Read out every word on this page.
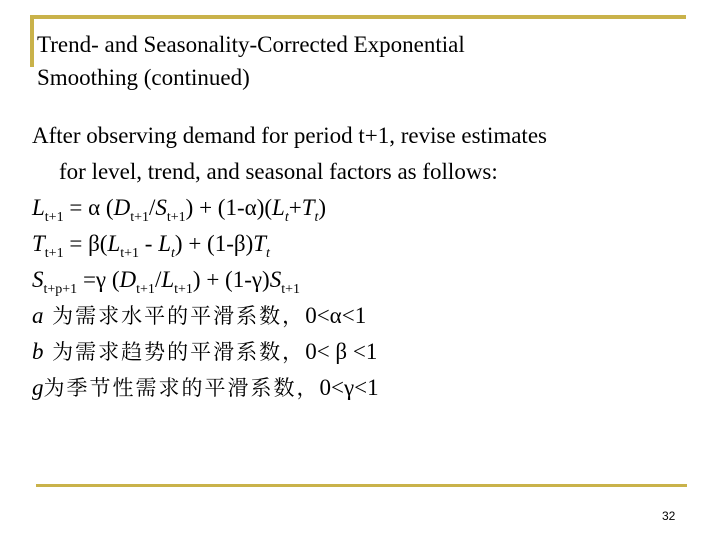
Trend- and Seasonality-Corrected Exponential
Smoothing (continued)
After observing demand for period t+1, revise estimates
for level, trend, and seasonal factors as follows:
$L_{t+1} = \alpha$ $(D_{t+1}/S_{t+1}) + (1-\alpha)(L_t+T_t)$
$T_{t+1} = \beta(L_{t+1} - L_t) + (1-\beta)T_t$
$S_{t+p+1} =\gamma$ $(D_{t+1}/L_{t+1}) + (1-\gamma)S_{t+1}$
a 为需求水平的平滑系数，0<α<1
b 为需求趋势的平滑系数，0< β <1
g为季节性需求的平滑系数，0<γ<1
32
